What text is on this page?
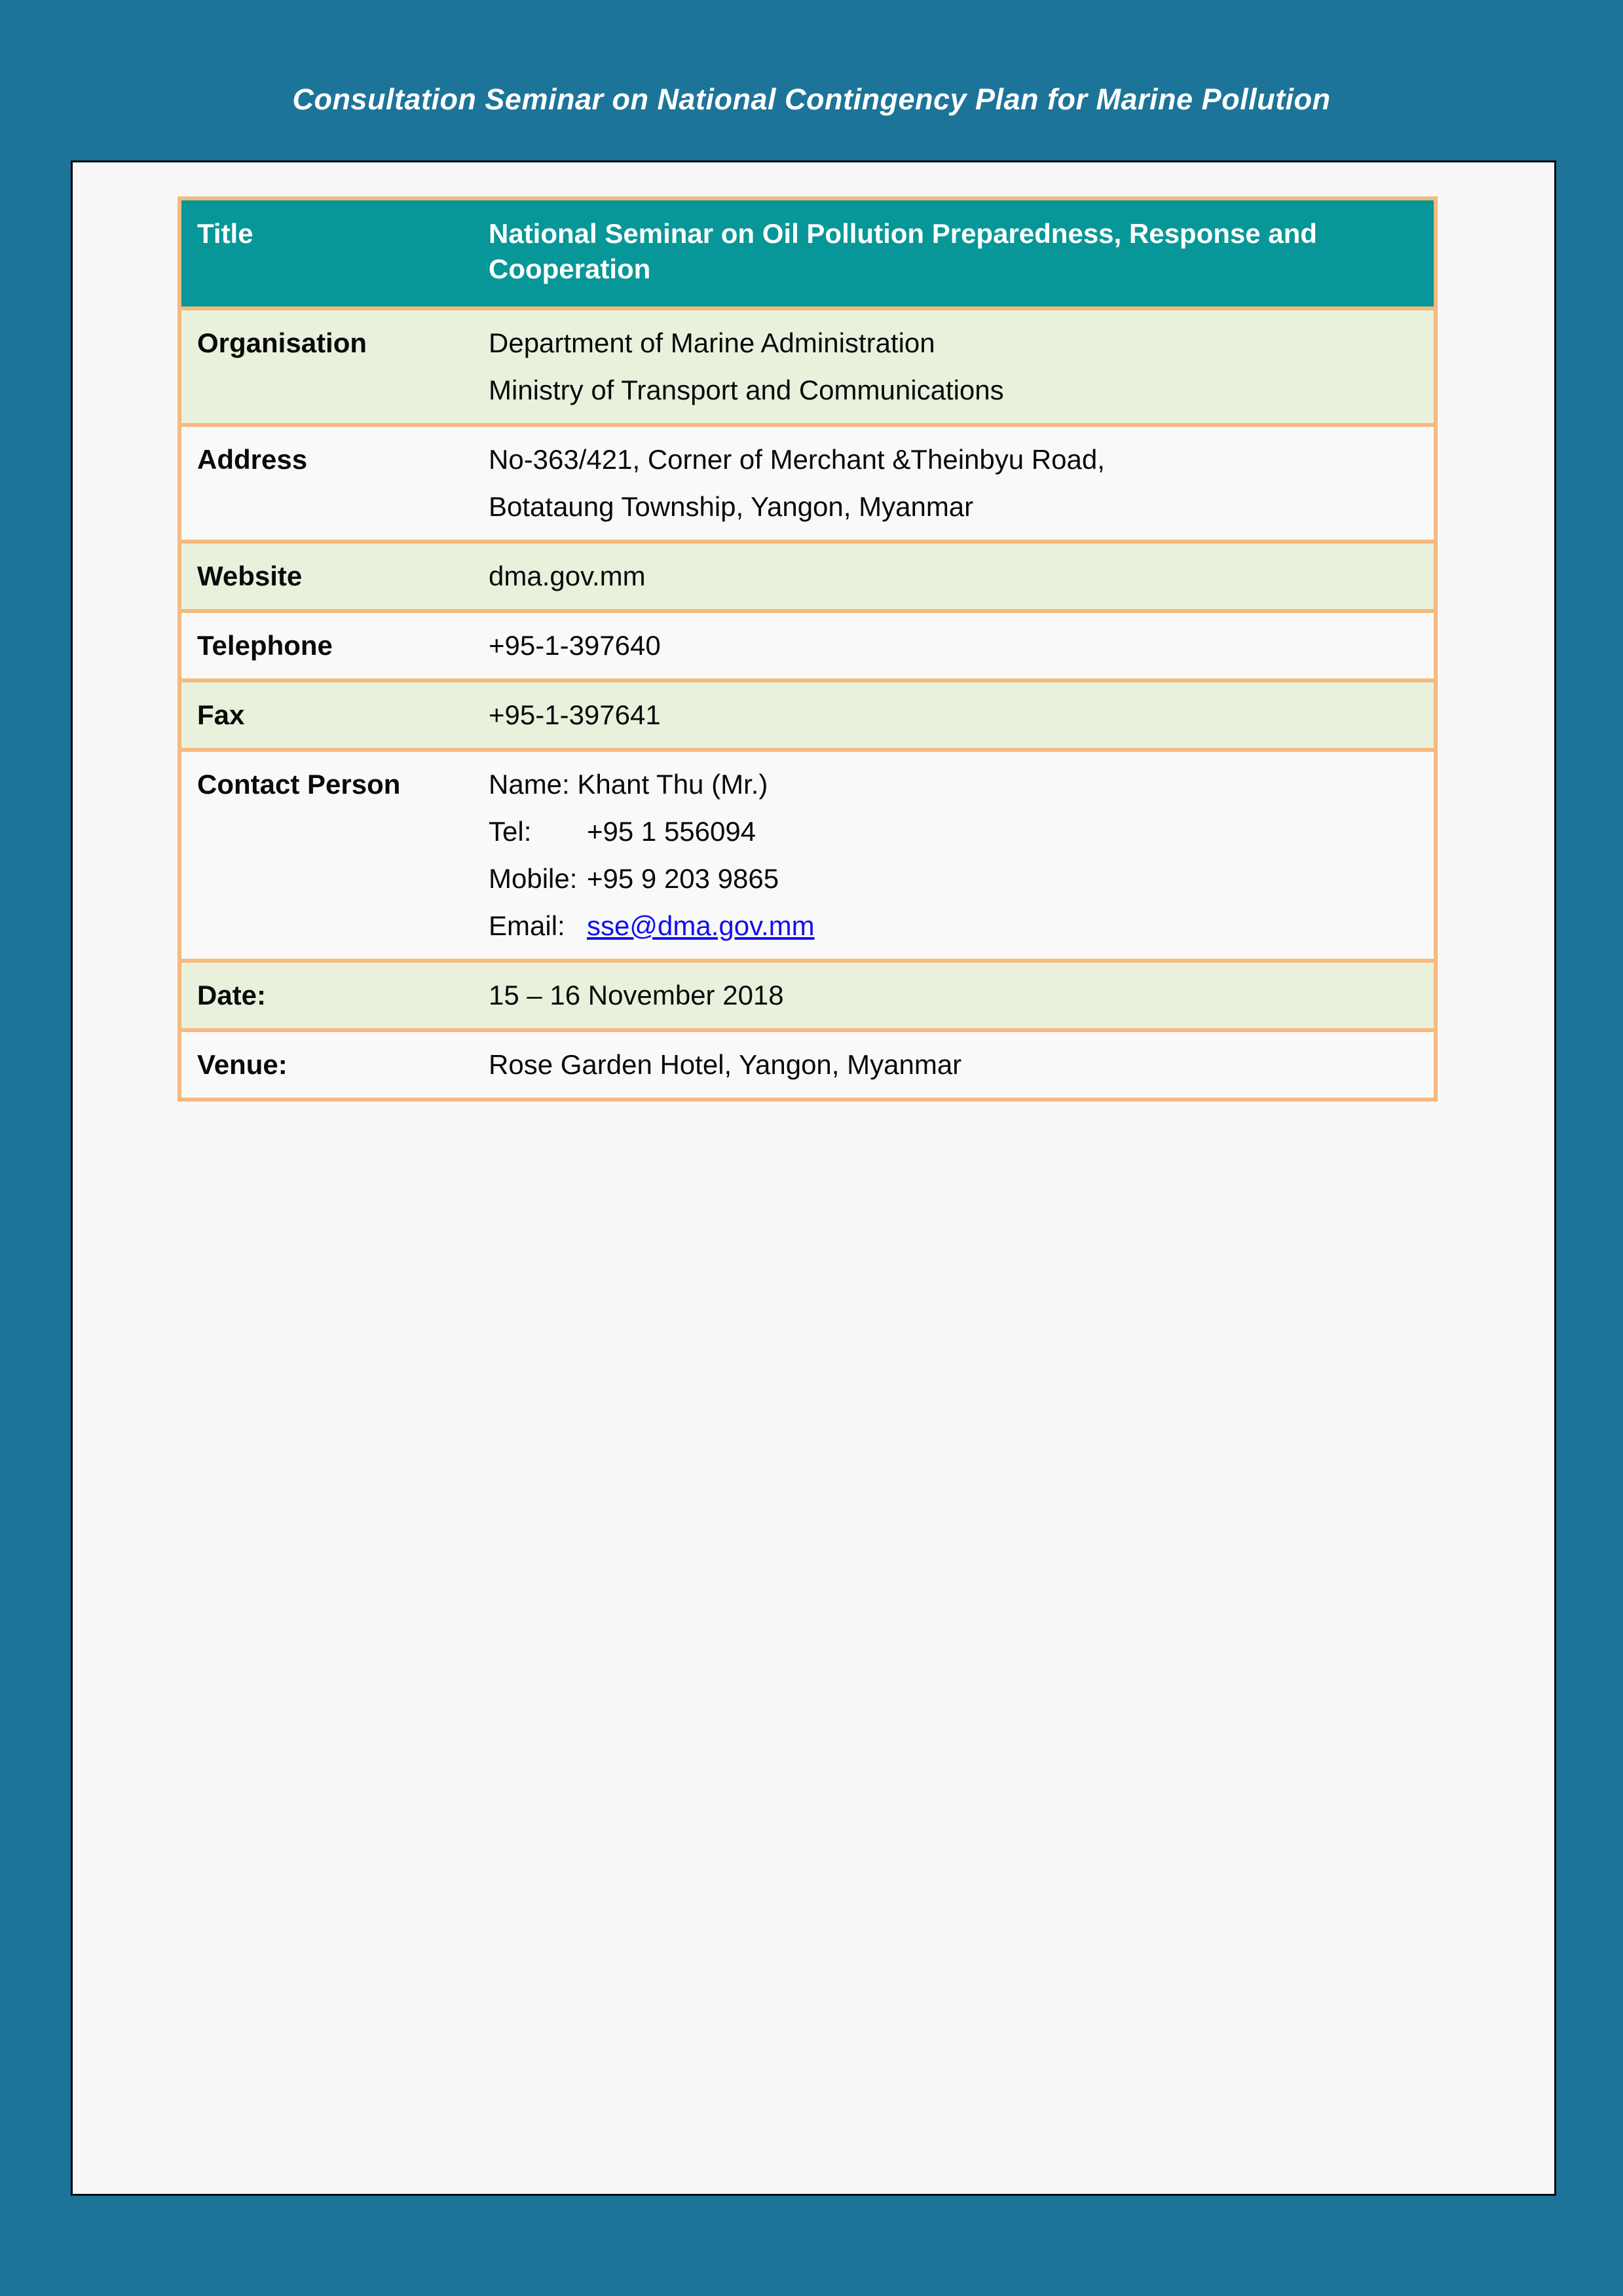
Consultation Seminar on National Contingency Plan for Marine Pollution
Title	National Seminar on Oil Pollution Preparedness, Response and
Cooperation

Organisation	Department of Marine Administration
Ministry of Transport and Communications

Address	No-363/421, Corner of Merchant &Theinbyu Road,
Botataung Township, Yangon, Myanmar

Website	dma.gov.mm
Telephone	+95-1-397640
Fax	+95-1-397641
Contact Person	Name: Khant Thu (Mr.)
Tel: +95 1 556094
Mobile: +95 9 203 9865
Email: sse@dma.gov.mm

Date:	15 – 16 November 2018
Venue:	Rose Garden Hotel, Yangon, Myanmar
